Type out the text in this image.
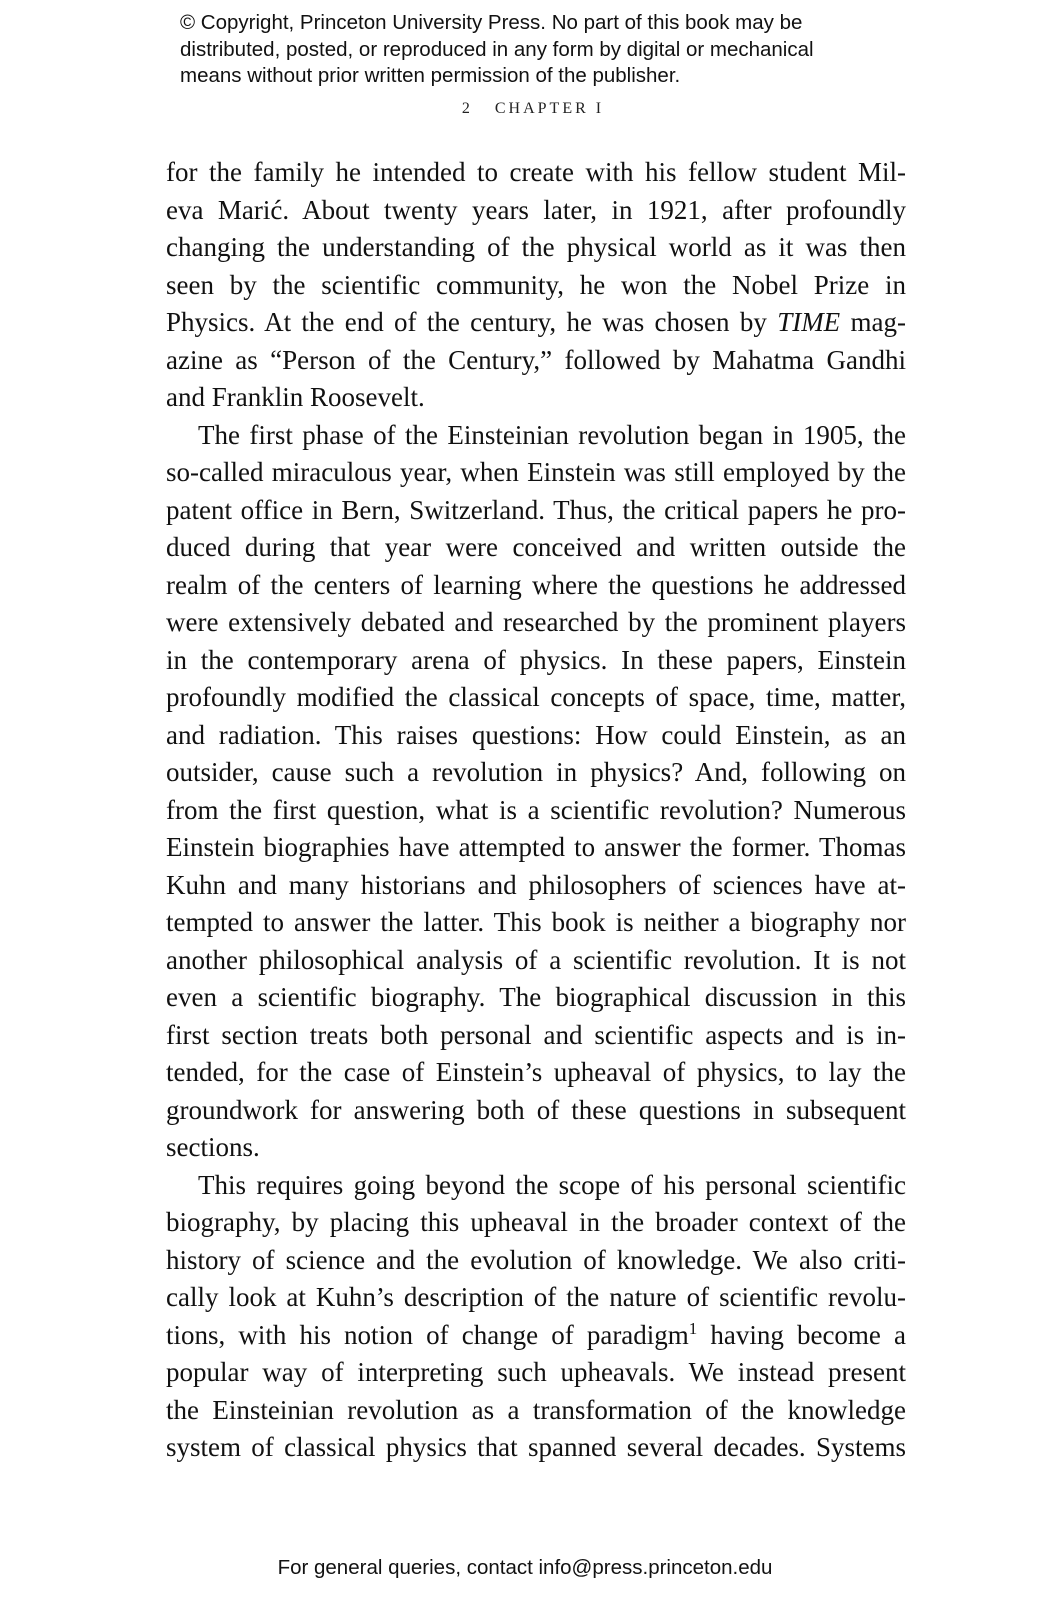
© Copyright, Princeton University Press. No part of this book may be
distributed, posted, or reproduced in any form by digital or mechanical
means without prior written permission of the publisher.
2 CHAPTER I
for the family he intended to create with his fellow student Mil-
eva Marić. About twenty years later, in 1921, after profoundly
changing the understanding of the physical world as it was then
seen by the scientific community, he won the Nobel Prize in
Physics. At the end of the century, he was chosen by TIME mag-
azine as “Person of the Century,” followed by Mahatma Gandhi
and Franklin Roosevelt.
The first phase of the Einsteinian revolution began in 1905, the
so-called miraculous year, when Einstein was still employed by the
patent office in Bern, Switzerland. Thus, the critical papers he pro-
duced during that year were conceived and written outside the
realm of the centers of learning where the questions he addressed
were extensively debated and researched by the prominent players
in the contemporary arena of physics. In these papers, Einstein
profoundly modified the classical concepts of space, time, matter,
and radiation. This raises questions: How could Einstein, as an
outsider, cause such a revolution in physics? And, following on
from the first question, what is a scientific revolution? Numerous
Einstein biographies have attempted to answer the former. Thomas
Kuhn and many historians and philosophers of sciences have at-
tempted to answer the latter. This book is neither a biography nor
another philosophical analysis of a scientific revolution. It is not
even a scientific biography. The biographical discussion in this
first section treats both personal and scientific aspects and is in-
tended, for the case of Einstein’s upheaval of physics, to lay the
groundwork for answering both of these questions in subsequent
sections.
This requires going beyond the scope of his personal scientific
biography, by placing this upheaval in the broader context of the
history of science and the evolution of knowledge. We also criti-
cally look at Kuhn’s description of the nature of scientific revolu-
tions, with his notion of change of paradigm$^1$ having become a
popular way of interpreting such upheavals. We instead present
the Einsteinian revolution as a transformation of the knowledge
system of classical physics that spanned several decades. Systems
For general queries, contact info@press.princeton.edu
